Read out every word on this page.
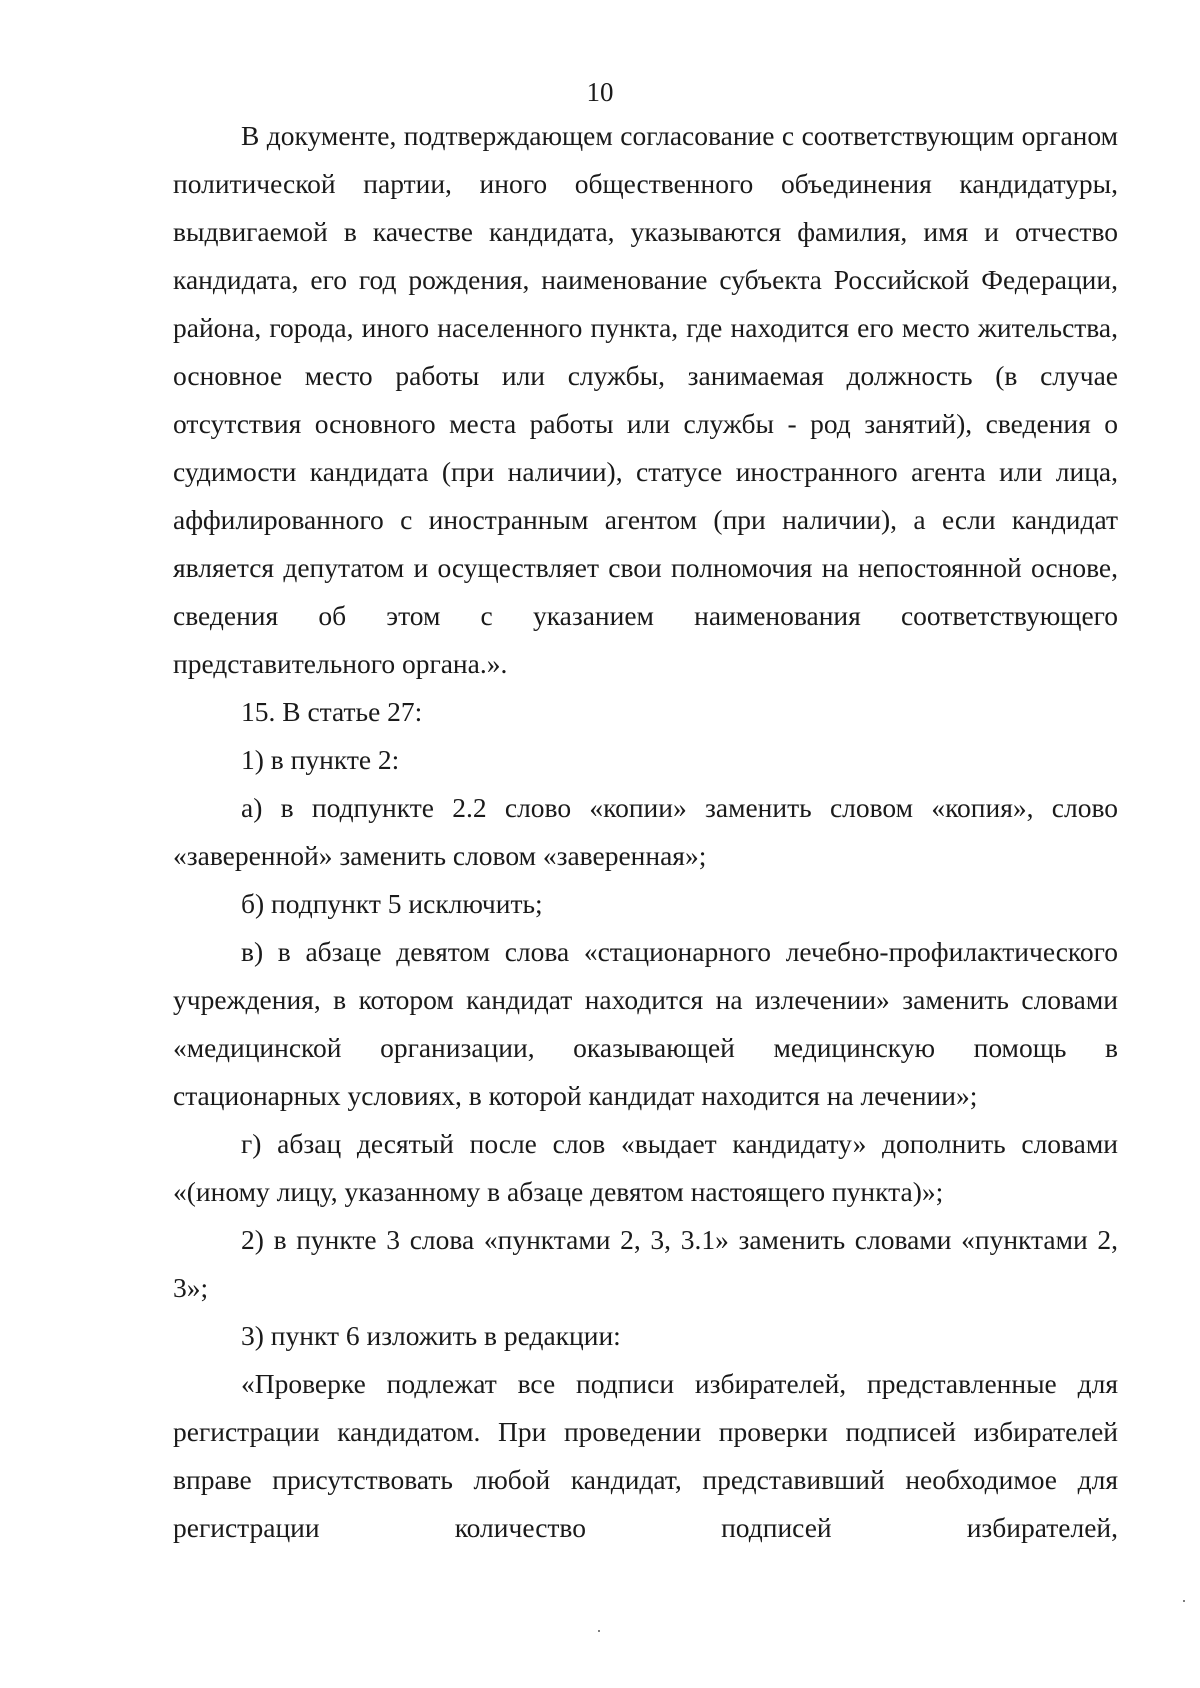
10

В документе, подтверждающем согласование с соответствующим органом политической партии, иного общественного объединения кандидатуры, выдвигаемой в качестве кандидата, указываются фамилия, имя и отчество кандидата, его год рождения, наименование субъекта Российской Федерации, района, города, иного населенного пункта, где находится его место жительства, основное место работы или службы, занимаемая должность (в случае отсутствия основного места работы или службы - род занятий), сведения о судимости кандидата (при наличии), статусе иностранного агента или лица, аффилированного с иностранным агентом (при наличии), а если кандидат является депутатом и осуществляет свои полномочия на непостоянной основе, сведения об этом с указанием наименования соответствующего представительного органа.».

15. В статье 27:

1) в пункте 2:

а) в подпункте 2.2 слово «копии» заменить словом «копия», слово «заверенной» заменить словом «заверенная»;

б) подпункт 5 исключить;

в) в абзаце девятом слова «стационарного лечебно-профилактического учреждения, в котором кандидат находится на излечении» заменить словами «медицинской организации, оказывающей медицинскую помощь в стационарных условиях, в которой кандидат находится на лечении»;

г) абзац десятый после слов «выдает кандидату» дополнить словами «(иному лицу, указанному в абзаце девятом настоящего пункта)»;

2) в пункте 3 слова «пунктами 2, 3, 3.1» заменить словами «пунктами 2, 3»;

3) пункт 6 изложить в редакции:

«Проверке подлежат все подписи избирателей, представленные для регистрации кандидатом. При проведении проверки подписей избирателей вправе присутствовать любой кандидат, представивший необходимое для регистрации количество подписей избирателей,
